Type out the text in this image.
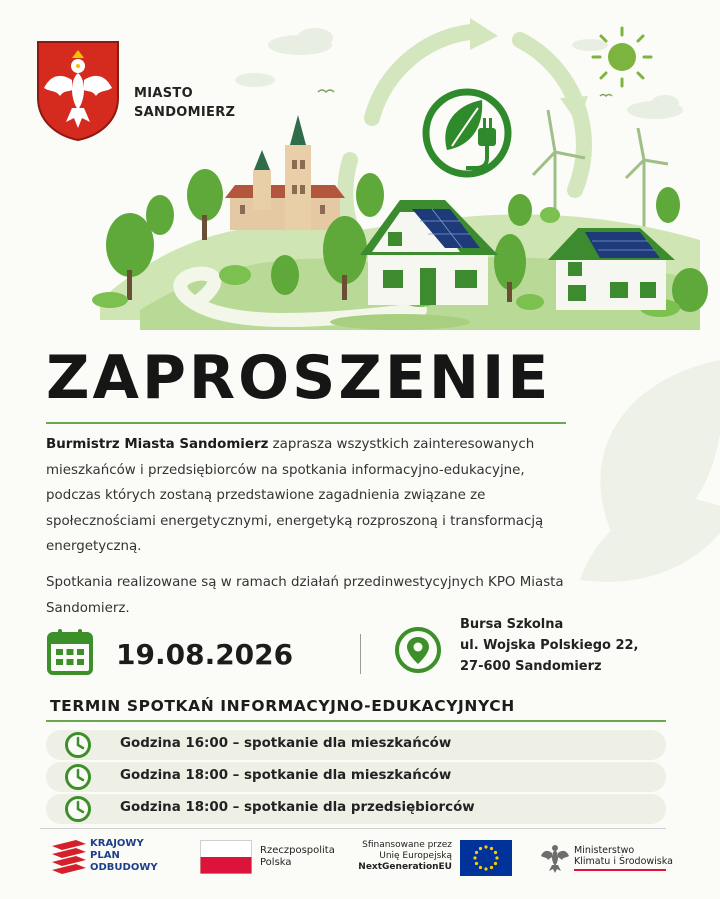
MIASTO
SANDOMIERZ
ZAPROSZENIE
Burmistrz Miasta Sandomierz zaprasza wszystkich zainteresowanych mieszkańców i przedsiębiorców na spotkania informacyjno-edukacyjne, podczas których zostaną przedstawione zagadnienia związane ze społecznościami energetycznymi, energetyką rozproszoną i transformacją energetyczną.
Spotkania realizowane są w ramach działań przedinwestycyjnych KPO Miasta Sandomierz.
19.08.2026
Bursa Szkolna
ul. Wojska Polskiego 22,
27-600 Sandomierz
TERMIN SPOTKAŃ INFORMACYJNO-EDUKACYJNYCH
Godzina 16:00 – spotkanie dla mieszkańców
Godzina 18:00 – spotkanie dla mieszkańców
Godzina 18:00 – spotkanie dla przedsiębiorców
KRAJOWY
PLAN
ODBUDOWY
Rzeczpospolita
Polska
Sfinansowane przez
Unię Europejską
NextGenerationEU
Ministerstwo
Klimatu i Środowiska
